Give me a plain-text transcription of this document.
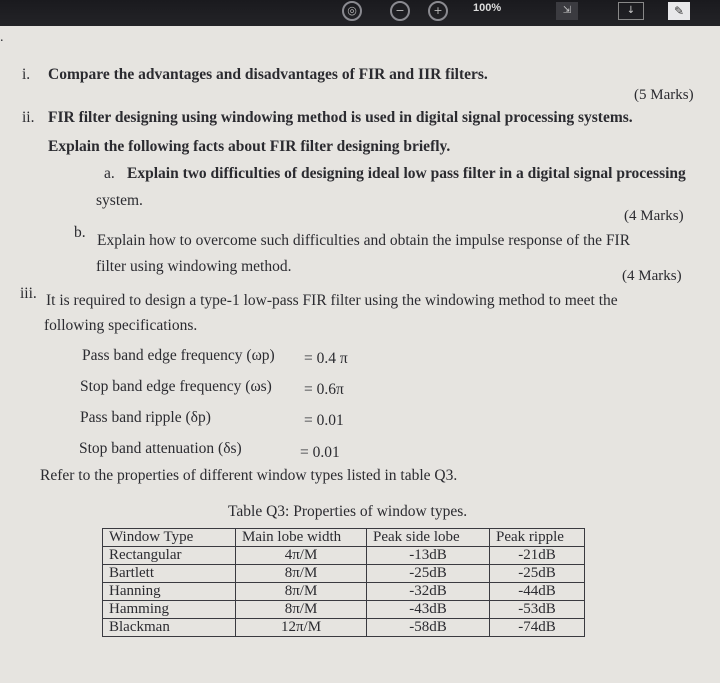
◎	−	+	100%	⇲	↓	✎
.
i. Compare the advantages and disadvantages of FIR and IIR filters.
(5 Marks)
ii. FIR filter designing using windowing method is used in digital signal processing systems.
Explain the following facts about FIR filter designing briefly.
a. Explain two difficulties of designing ideal low pass filter in a digital signal processing
system.
(4 Marks)
b. Explain how to overcome such difficulties and obtain the impulse response of the FIR
filter using windowing method.
(4 Marks)
iii. It is required to design a type-1 low-pass FIR filter using the windowing method to meet the
following specifications.
Pass band edge frequency (ωp) = 0.4 π
Stop band edge frequency (ωs) = 0.6π
Pass band ripple (δp)	= 0.01
Stop band attenuation (δs)	= 0.01
Refer to the properties of different window types listed in table Q3.
Table Q3: Properties of window types.
Window Type	Main lobe width	Peak side lobe	Peak ripple
Rectangular	4π/M	-13dB	-21dB
Bartlett	8π/M	-25dB	-25dB
Hanning	8π/M	-32dB	-44dB
Hamming	8π/M	-43dB	-53dB
Blackman	12π/M	-58dB	-74dB
